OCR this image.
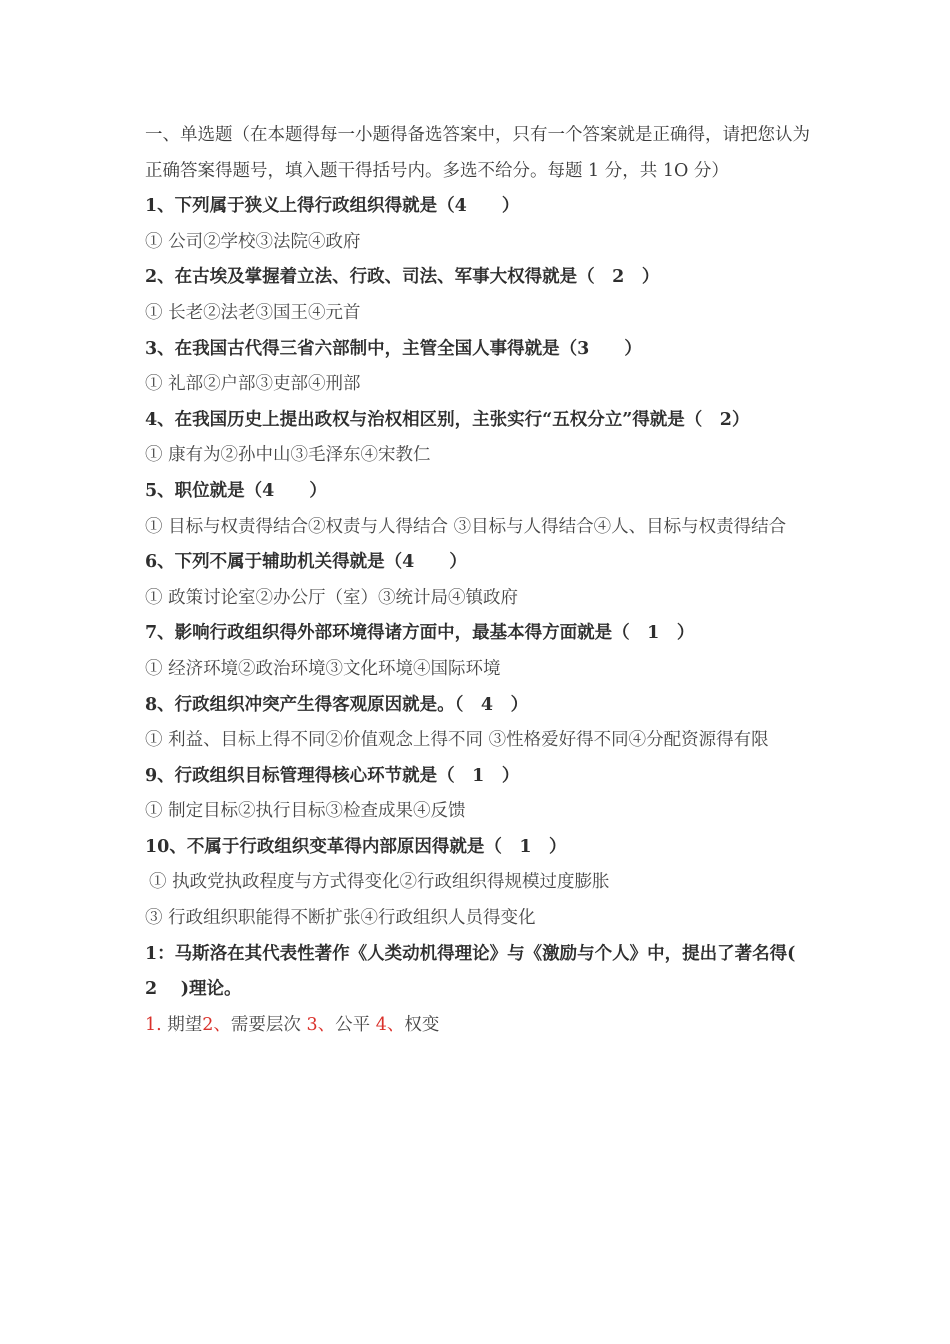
一、单选题（在本题得每一小题得备选答案中，只有一个答案就是正确得，请把您认为正确答案得题号，填入题干得括号内。多选不给分。每题 1 分，共 1O 分）
1、下列属于狭义上得行政组织得就是（4　　）
① 公司②学校③法院④政府
2、在古埃及掌握着立法、行政、司法、军事大权得就是（　2　）
① 长老②法老③国王④元首
3、在我国古代得三省六部制中，主管全国人事得就是（3　　）
① 礼部②户部③吏部④刑部
4、在我国历史上提出政权与治权相区别，主张实行“五权分立”得就是（　2）
① 康有为②孙中山③毛泽东④宋教仁
5、职位就是（4　　）
① 目标与权责得结合②权责与人得结合 ③目标与人得结合④人、目标与权责得结合
6、下列不属于辅助机关得就是（4　　）
① 政策讨论室②办公厅（室）③统计局④镇政府
7、影响行政组织得外部环境得诸方面中，最基本得方面就是（　1　）
① 经济环境②政治环境③文化环境④国际环境
8、行政组织冲突产生得客观原因就是。（　4　）
① 利益、目标上得不同②价值观念上得不同 ③性格爱好得不同④分配资源得有限
9、行政组织目标管理得核心环节就是（　1　）
① 制定目标②执行目标③检查成果④反馈
10、不属于行政组织变革得内部原因得就是（　1　）
① 执政党执政程度与方式得变化②行政组织得规模过度膨胀
③ 行政组织职能得不断扩张④行政组织人员得变化
1：马斯洛在其代表性著作《人类动机得理论》与《激励与个人》中，提出了著名得(　2　 )理论。
1. 期望2、需要层次 3、公平 4、权变
